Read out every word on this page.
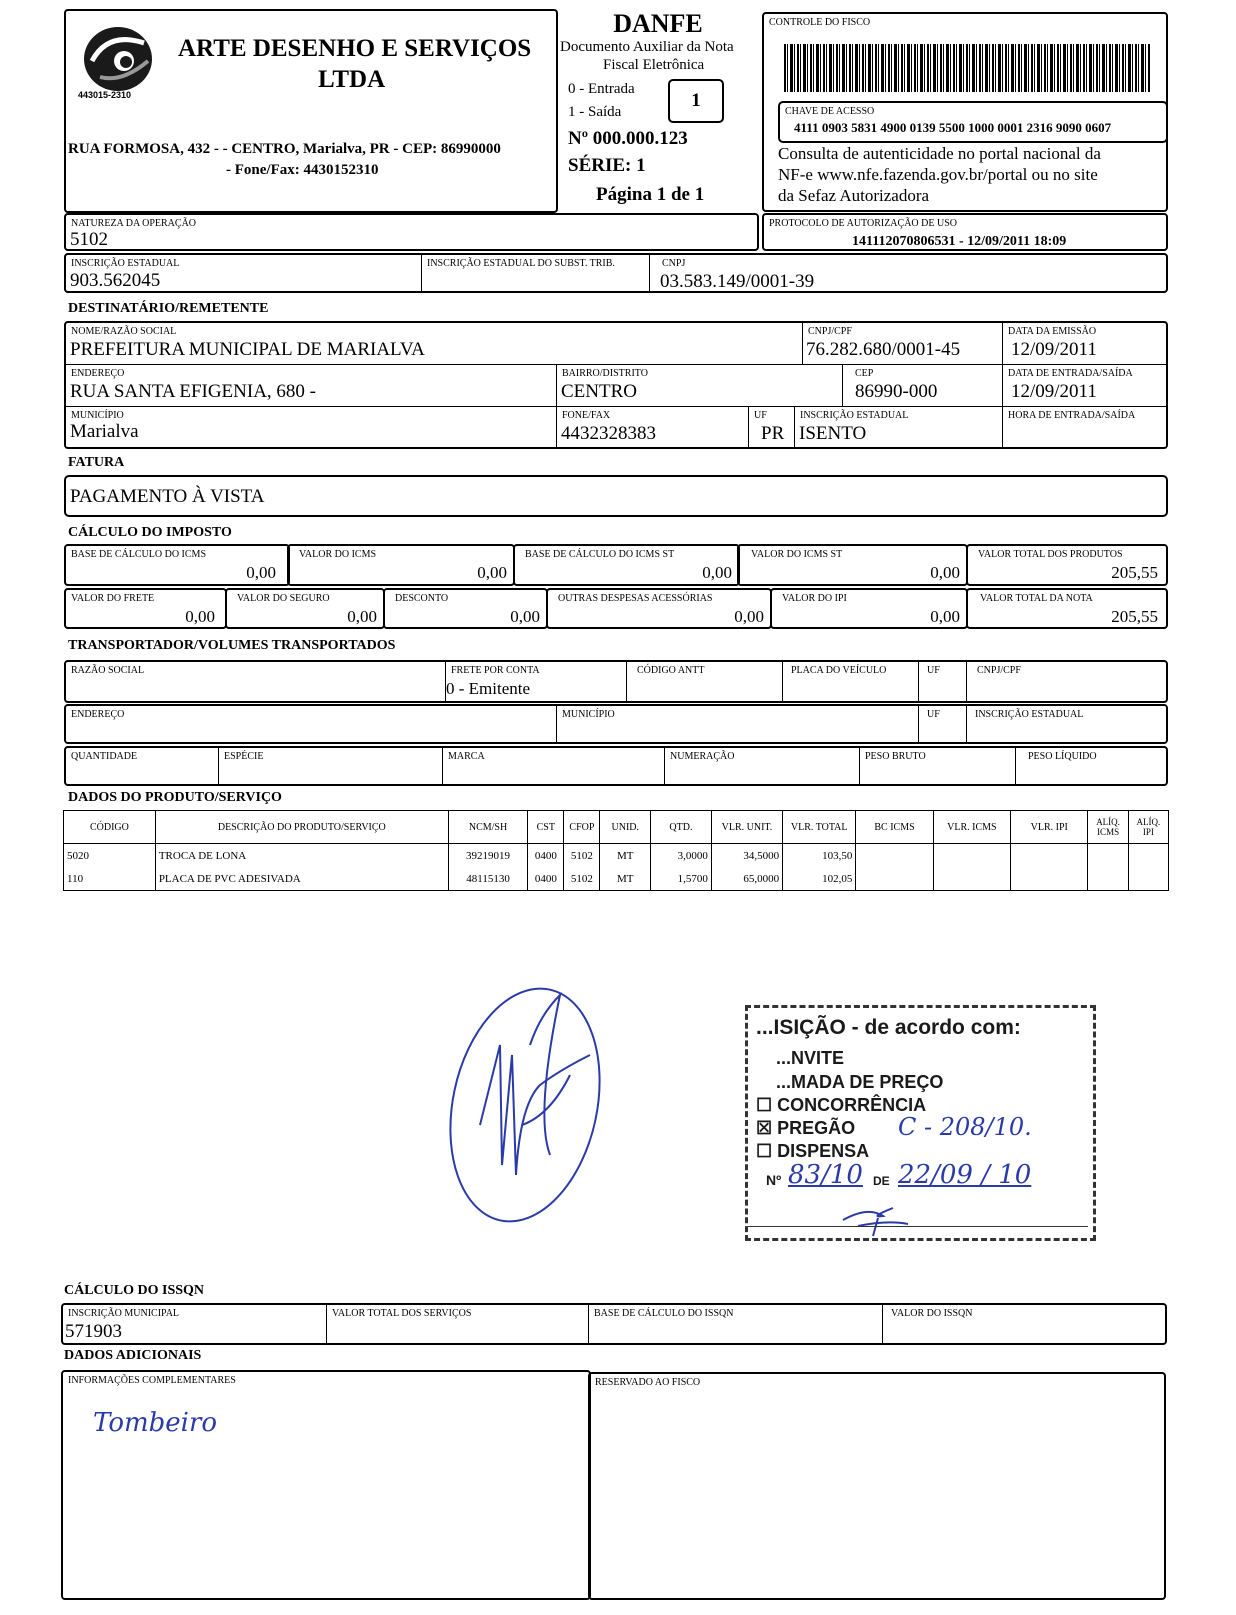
443015-2310
ARTE DESENHO E SERVIÇOS
LTDA
RUA FORMOSA, 432 - - CENTRO, Marialva, PR - CEP: 86990000
- Fone/Fax: 4430152310
DANFE
Documento Auxiliar da Nota
Fiscal Eletrônica
0 - Entrada
1 - Saída
1
Nº 000.000.123
SÉRIE: 1
Página 1 de 1
CONTROLE DO FISCO
CHAVE DE ACESSO
4111 0903 5831 4900 0139 5500 1000 0001 2316 9090 0607
Consulta de autenticidade no portal nacional da
NF-e www.nfe.fazenda.gov.br/portal ou no site
da Sefaz Autorizadora
NATUREZA DA OPERAÇÃO
5102
PROTOCOLO DE AUTORIZAÇÃO DE USO
141112070806531 - 12/09/2011 18:09
INSCRIÇÃO ESTADUAL
903.562045
INSCRIÇÃO ESTADUAL DO SUBST. TRIB.	CNPJ
03.583.149/0001-39
DESTINATÁRIO/REMETENTE
NOME/RAZÃO SOCIAL
PREFEITURA MUNICIPAL DE MARIALVA
CNPJ/CPF
76.282.680/0001-45
DATA DA EMISSÃO
12/09/2011
ENDEREÇO
RUA SANTA EFIGENIA, 680 -
BAIRRO/DISTRITO
CENTRO
CEP
86990-000
DATA DE ENTRADA/SAÍDA
12/09/2011
MUNICÍPIO
Marialva
FONE/FAX
4432328383
UF
PR
INSCRIÇÃO ESTADUAL
ISENTO
HORA DE ENTRADA/SAÍDA
FATURA
PAGAMENTO À VISTA
CÁLCULO DO IMPOSTO
BASE DE CÁLCULO DO ICMS
0,00
VALOR DO ICMS
0,00
BASE DE CÁLCULO DO ICMS ST
0,00
VALOR DO ICMS ST
0,00
VALOR TOTAL DOS PRODUTOS
205,55
VALOR DO FRETE
0,00
VALOR DO SEGURO
0,00
DESCONTO
0,00
OUTRAS DESPESAS ACESSÓRIAS
0,00
VALOR DO IPI
0,00
VALOR TOTAL DA NOTA
205,55
TRANSPORTADOR/VOLUMES TRANSPORTADOS
RAZÃO SOCIAL	FRETE POR CONTA
0 - Emitente
CÓDIGO ANTT	PLACA DO VEÍCULO	UF	CNPJ/CPF
ENDEREÇO	MUNICÍPIO	UF	INSCRIÇÃO ESTADUAL
QUANTIDADE	ESPÉCIE	MARCA	NUMERAÇÃO	PESO BRUTO	PESO LÍQUIDO
DADOS DO PRODUTO/SERVIÇO
CÓDIGO	DESCRIÇÃO DO PRODUTO/SERVIÇO	NCM/SH	CST	CFOP	UNID.	QTD.	VLR. UNIT.	VLR. TOTAL	BC ICMS	VLR. ICMS	VLR. IPI	ALÍQ. ICMS	ALÍQ. IPI
5020	TROCA DE LONA	39219019	0400	5102	MT	3,0000	34,5000	103,50					
110	PLACA DE PVC ADESIVADA	48115130	0400	5102	MT	1,5700	65,0000	102,05					
...ISIÇÃO - de acordo com:
...NVITE
...MADA DE PREÇO
☐ CONCORRÊNCIA
☒ PREGÃO C - 208/10.
☐ DISPENSA
Nº 83/10 DE 22/09 / 10
CÁLCULO DO ISSQN
INSCRIÇÃO MUNICIPAL
571903
VALOR TOTAL DOS SERVIÇOS	BASE DE CÁLCULO DO ISSQN	VALOR DO ISSQN
DADOS ADICIONAIS
INFORMAÇÕES COMPLEMENTARES
Tombeiro
RESERVADO AO FISCO
